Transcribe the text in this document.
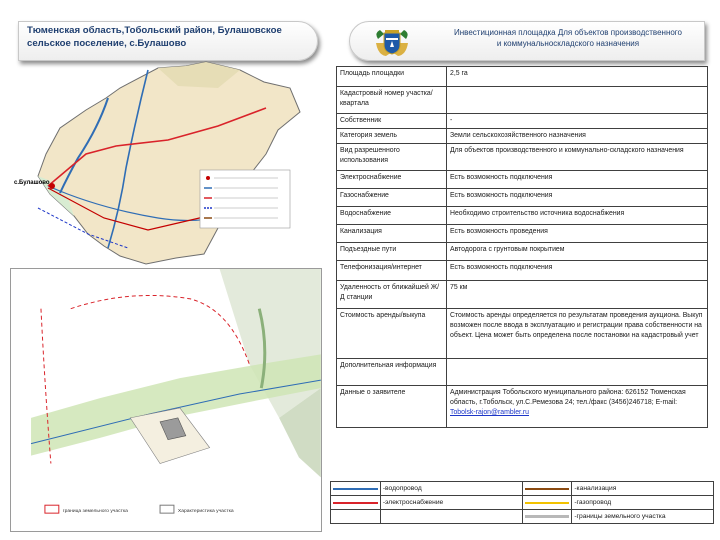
Тюменская область,Тобольский район, Булашовское
сельское поселение, с.Булашово
Инвестиционная площадка Для объектов производственного
и коммунальноскладского назначения
с.Булашово
граница земельного участка	Характеристика участка
Площадь площадки	2,5 га
Кадастровый номер участка/квартала	
Собственник	-
Категория земель	Земли сельскохозяйственного назначения
Вид разрешенного использования	Для объектов производственного и коммунально-складского назначения
Электроснабжение	Есть возможность подключения
Газоснабжение	Есть возможность подключения
Водоснабжение	Необходимо строительство источника водоснабжения
Канализация	Есть возможность проведения
Подъездные пути	Автодорога с грунтовым покрытием
Телефонизация/интернет	Есть возможность подключения
Удаленность от ближайшей Ж/Д станции	75 км
Стоимость аренды/выкупа	Стоимость аренды определяется по результатам проведения аукциона. Выкуп возможен после ввода в эксплуатацию и регистрации права собственности на объект. Цена может быть определена после постановки на кадастровый учет
Дополнительная информация	
Данные о заявителе	Администрация Тобольского муниципального района: 626152 Тюменская область, г.Тобольск, ул.С.Ремезова 24; тел./факс (3456)246718; E-mail: Tobolsk-rajon@rambler.ru
	-водопровод		-канализация

	-электроснабжение		-газопровод

	-границы земельного участка
